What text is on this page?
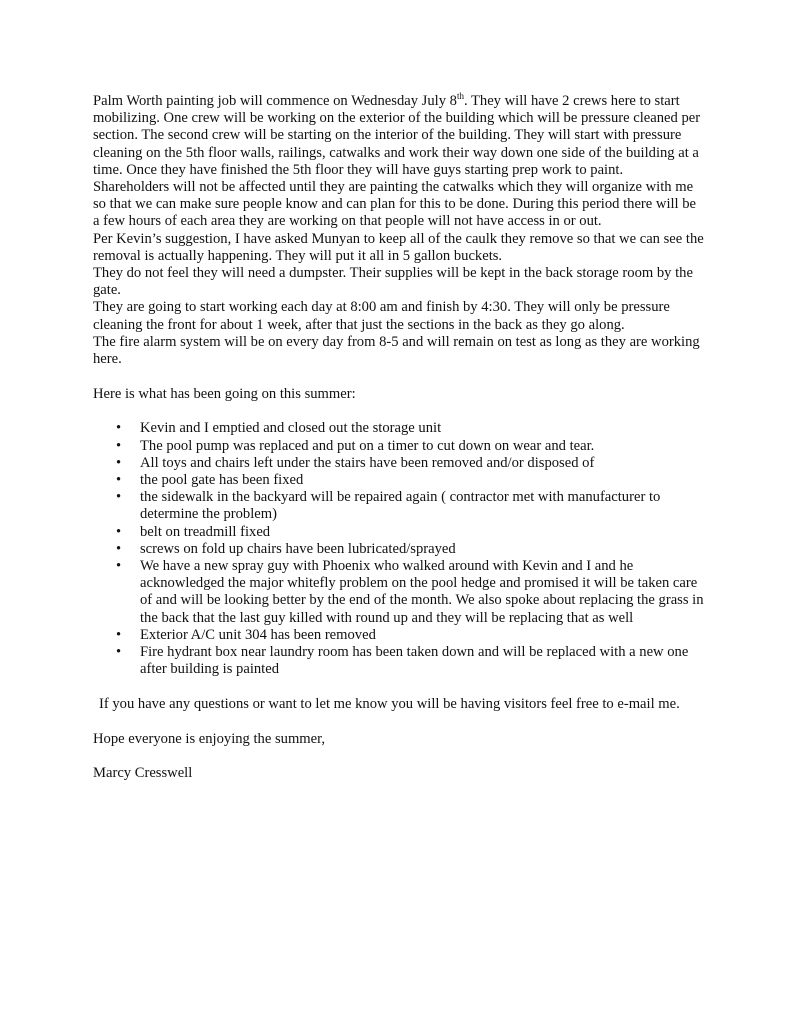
Palm Worth painting job will commence on Wednesday July 8th. They will have 2 crews here to start mobilizing. One crew will be working on the exterior of the building which will be pressure cleaned per section. The second crew will be starting on the interior of the building. They will start with pressure cleaning on the 5th floor walls, railings, catwalks and work their way down one side of the building at a time. Once they have finished the 5th floor they will have guys starting prep work to paint.

Shareholders will not be affected until they are painting the catwalks which they will organize with me so that we can make sure people know and can plan for this to be done. During this period there will be a few hours of each area they are working on that people will not have access in or out.

Per Kevin’s suggestion, I have asked Munyan to keep all of the caulk they remove so that we can see the removal is actually happening. They will put it all in 5 gallon buckets.

They do not feel they will need a dumpster. Their supplies will be kept in the back storage room by the gate.

They are going to start working each day at 8:00 am and finish by 4:30. They will only be pressure cleaning the front for about 1 week, after that just the sections in the back as they go along.

The fire alarm system will be on every day from 8-5 and will remain on test as long as they are working here.

Here is what has been going on this summer:

• Kevin and I emptied and closed out the storage unit
• The pool pump was replaced and put on a timer to cut down on wear and tear.
• All toys and chairs left under the stairs have been removed and/or disposed of
• the pool gate has been fixed
• the sidewalk in the backyard will be repaired again ( contractor met with manufacturer to determine the problem)
• belt on treadmill fixed
• screws on fold up chairs have been lubricated/sprayed
• We have a new spray guy with Phoenix who walked around with Kevin and I and he acknowledged the major whitefly problem on the pool hedge and promised it will be taken care of and will be looking better by the end of the month. We also spoke about replacing the grass in the back that the last guy killed with round up and they will be replacing that as well
• Exterior A/C unit 304 has been removed
• Fire hydrant box near laundry room has been taken down and will be replaced with a new one after building is painted

If you have any questions or want to let me know you will be having visitors feel free to e-mail me.

Hope everyone is enjoying the summer,

Marcy Cresswell
